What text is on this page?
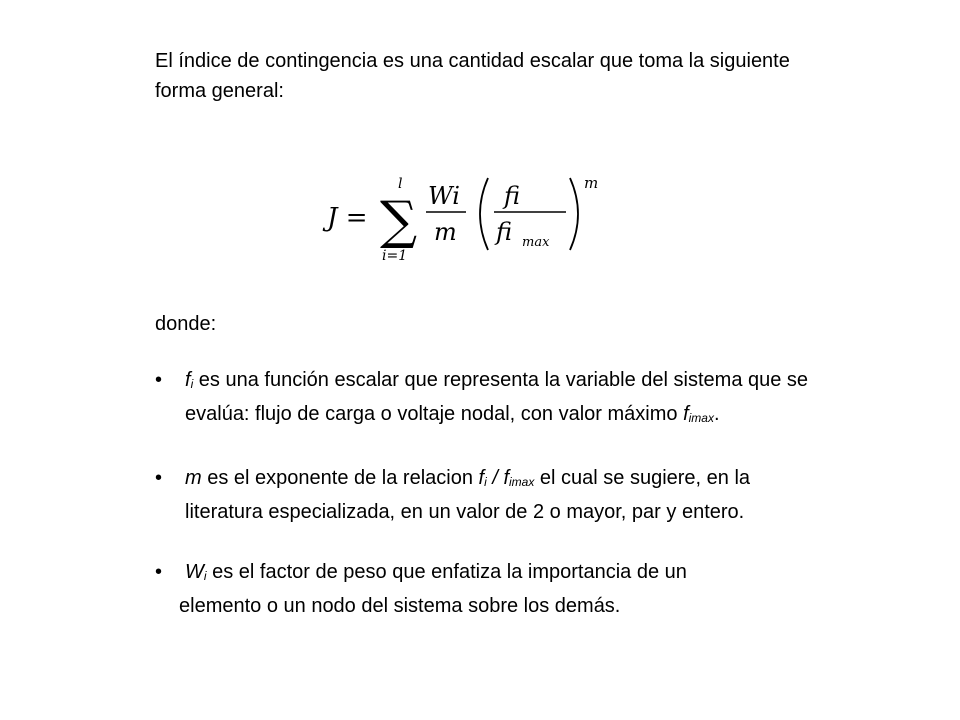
El índice de contingencia es una cantidad escalar que toma la siguiente forma general:

J =
l
∑
i=1
Wi
m
fi
fi max
m

donde:

•	fi es una función escalar que representa la variable del sistema que se evalúa: flujo de carga o voltaje nodal, con valor máximo fimax.
•	m es el exponente de la relacion fi / fimax el cual se sugiere, en la literatura especializada, en un valor de 2 o mayor, par y entero.
•	Wi es el factor de peso que enfatiza la importancia de un
elemento o un nodo del sistema sobre los demás.
